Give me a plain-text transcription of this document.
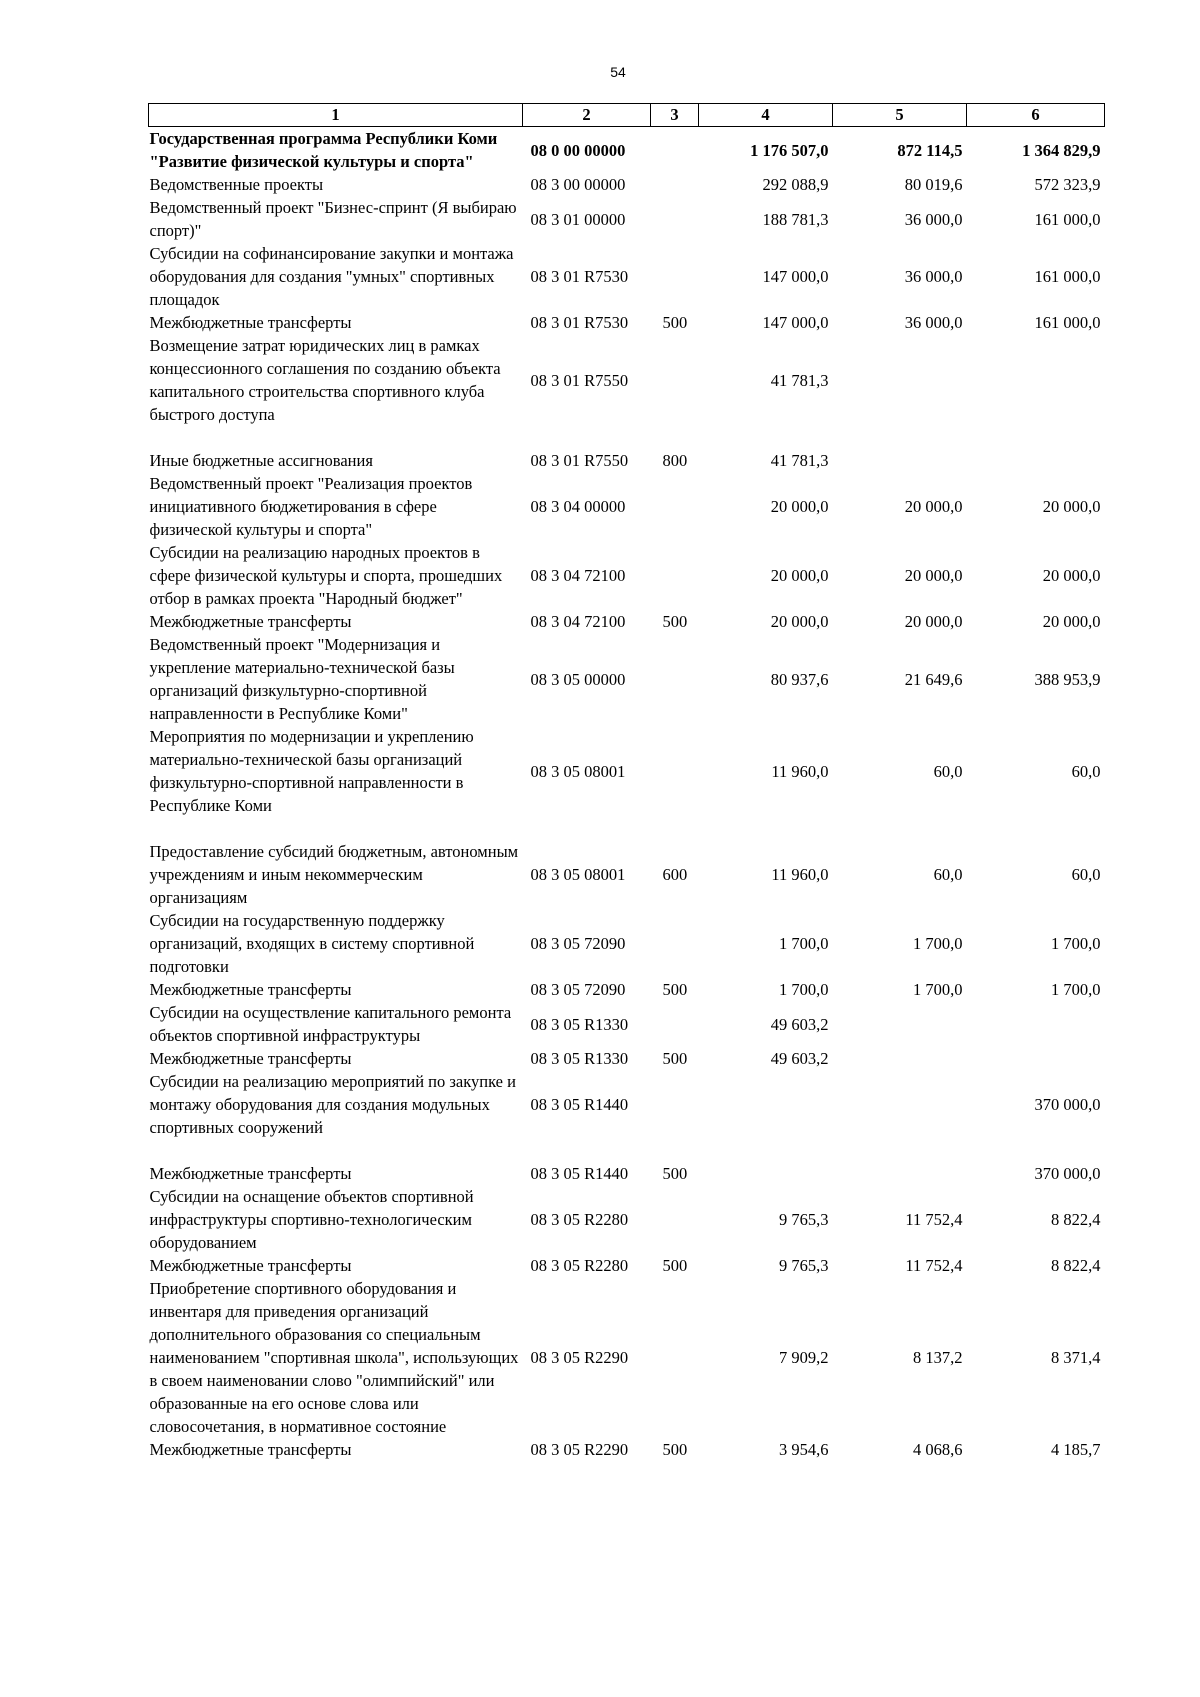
54
1	2	3	4	5	6
Государственная программа Республики Коми "Развитие физической культуры и спорта"	08 0 00 00000		1 176 507,0	872 114,5	1 364 829,9
Ведомственные проекты	08 3 00 00000		292 088,9	80 019,6	572 323,9
Ведомственный проект "Бизнес-спринт (Я выбираю спорт)"	08 3 01 00000		188 781,3	36 000,0	161 000,0
Субсидии на софинансирование закупки и монтажа оборудования для создания "умных" спортивных площадок	08 3 01 R7530		147 000,0	36 000,0	161 000,0
Межбюджетные трансферты	08 3 01 R7530	500	147 000,0	36 000,0	161 000,0
Возмещение затрат юридических лиц в рамках концессионного соглашения по созданию объекта капитального строительства спортивного клуба быстрого доступа	08 3 01 R7550		41 781,3		
Иные бюджетные ассигнования	08 3 01 R7550	800	41 781,3		
Ведомственный проект "Реализация проектов инициативного бюджетирования в сфере физической культуры и спорта"	08 3 04 00000		20 000,0	20 000,0	20 000,0
Субсидии на реализацию народных проектов в сфере физической культуры и спорта, прошедших отбор в рамках проекта "Народный бюджет"	08 3 04 72100		20 000,0	20 000,0	20 000,0
Межбюджетные трансферты	08 3 04 72100	500	20 000,0	20 000,0	20 000,0
Ведомственный проект "Модернизация и укрепление материально-технической базы организаций физкультурно-спортивной направленности в Республике Коми"	08 3 05 00000		80 937,6	21 649,6	388 953,9
Мероприятия по модернизации и укреплению материально-технической базы организаций физкультурно-спортивной направленности в Республике Коми	08 3 05 08001		11 960,0	60,0	60,0
Предоставление субсидий бюджетным, автономным учреждениям и иным некоммерческим организациям	08 3 05 08001	600	11 960,0	60,0	60,0
Субсидии на государственную поддержку организаций, входящих в систему спортивной подготовки	08 3 05 72090		1 700,0	1 700,0	1 700,0
Межбюджетные трансферты	08 3 05 72090	500	1 700,0	1 700,0	1 700,0
Субсидии на осуществление капитального ремонта объектов спортивной инфраструктуры	08 3 05 R1330		49 603,2		
Межбюджетные трансферты	08 3 05 R1330	500	49 603,2		
Субсидии на реализацию мероприятий по закупке и монтажу оборудования для создания модульных спортивных сооружений	08 3 05 R1440				370 000,0
Межбюджетные трансферты	08 3 05 R1440	500			370 000,0
Субсидии на оснащение объектов спортивной инфраструктуры спортивно-технологическим оборудованием	08 3 05 R2280		9 765,3	11 752,4	8 822,4
Межбюджетные трансферты	08 3 05 R2280	500	9 765,3	11 752,4	8 822,4
Приобретение спортивного оборудования и инвентаря для приведения организаций дополнительного образования со специальным наименованием "спортивная школа", использующих в своем наименовании слово "олимпийский" или образованные на его основе слова или словосочетания, в нормативное состояние	08 3 05 R2290		7 909,2	8 137,2	8 371,4
Межбюджетные трансферты	08 3 05 R2290	500	3 954,6	4 068,6	4 185,7
